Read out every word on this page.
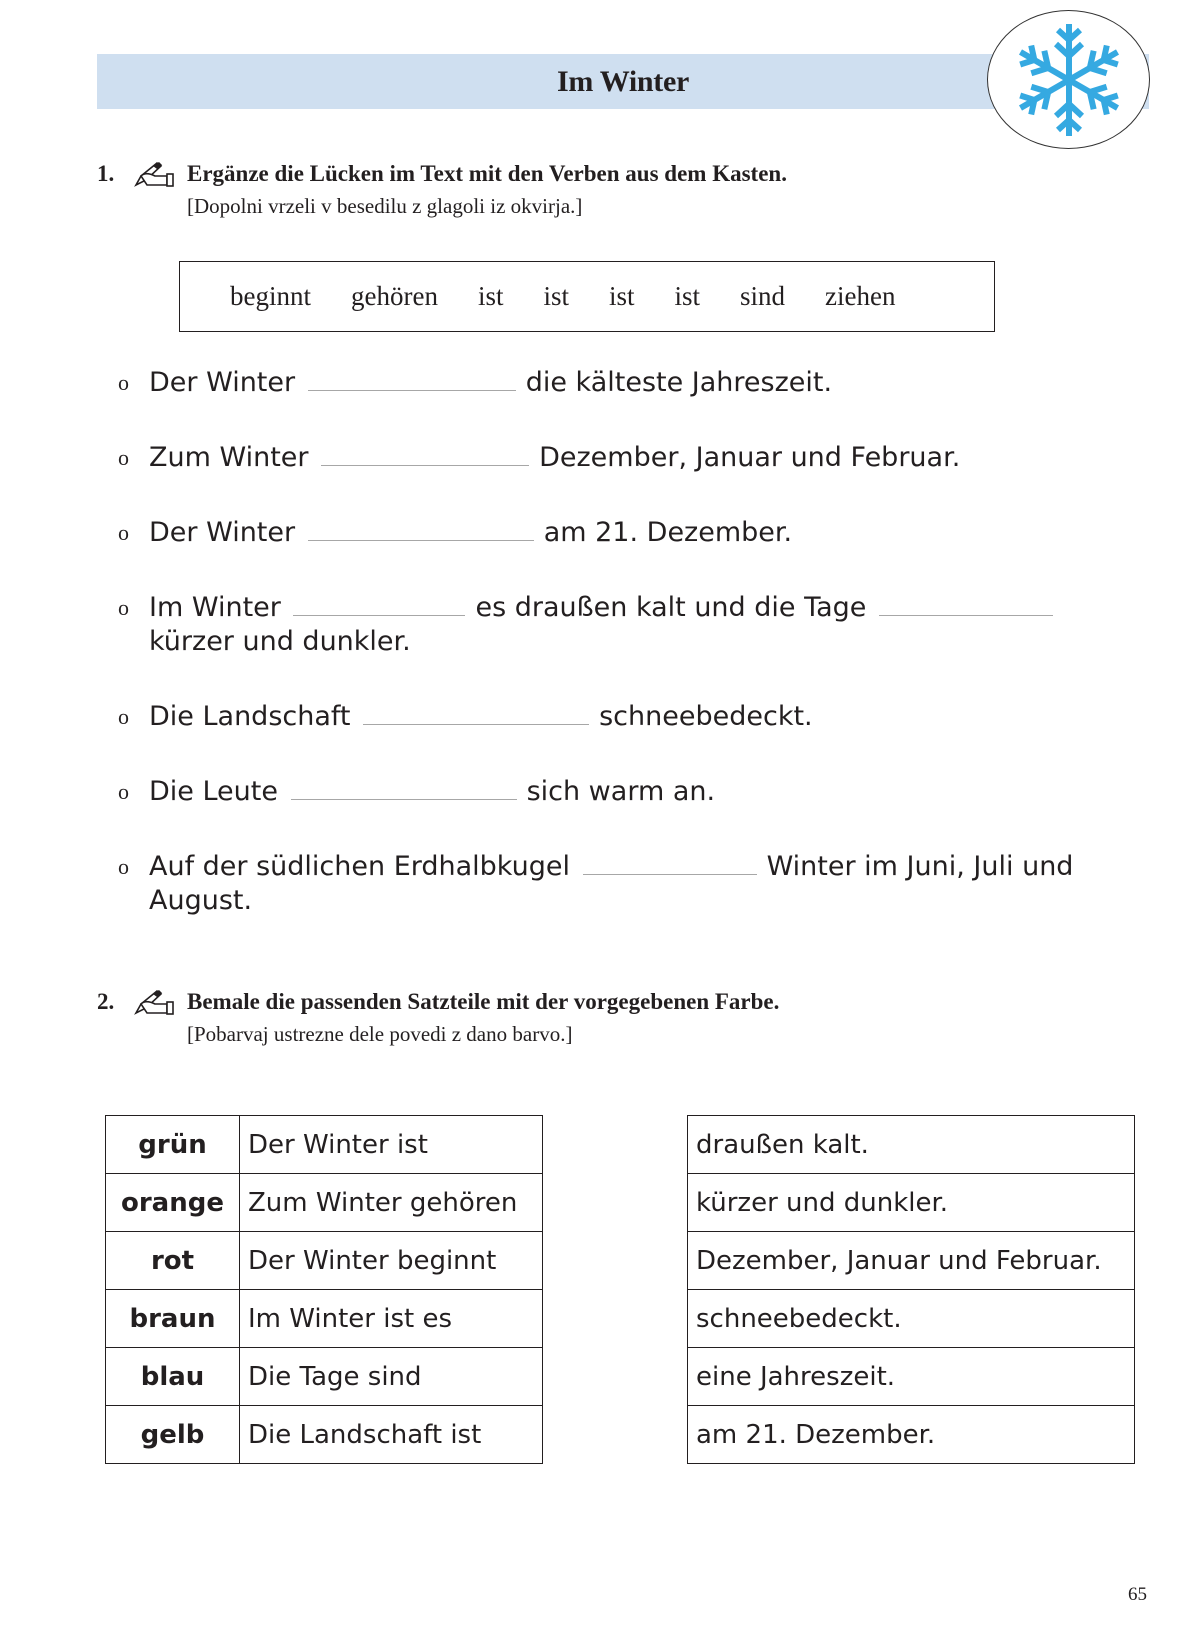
Im Winter
1.	Ergänze die Lücken im Text mit den Verben aus dem Kasten.
[Dopolni vrzeli v besedilu z glagoli iz okvirja.]
beginnt gehören ist ist ist ist sind ziehen
o Der Winter	die kälteste Jahreszeit.
o Zum Winter	Dezember, Januar und Februar.
o Der Winter	am 21. Dezember.
o Im Winter	es draußen kalt und die Tage
kürzer und dunkler.
o Die Landschaft	schneebedeckt.
o Die Leute	sich warm an.
o Auf der südlichen Erdhalbkugel	Winter im Juni, Juli und August.
2.	Bemale die passenden Satzteile mit der vorgegebenen Farbe.
[Pobarvaj ustrezne dele povedi z dano barvo.]
grün	Der Winter ist
orange	Zum Winter gehören
rot	Der Winter beginnt
braun	Im Winter ist es
blau	Die Tage sind
gelb	Die Landschaft ist
draußen kalt.
kürzer und dunkler.
Dezember, Januar und Februar.
schneebedeckt.
eine Jahreszeit.
am 21. Dezember.
65
